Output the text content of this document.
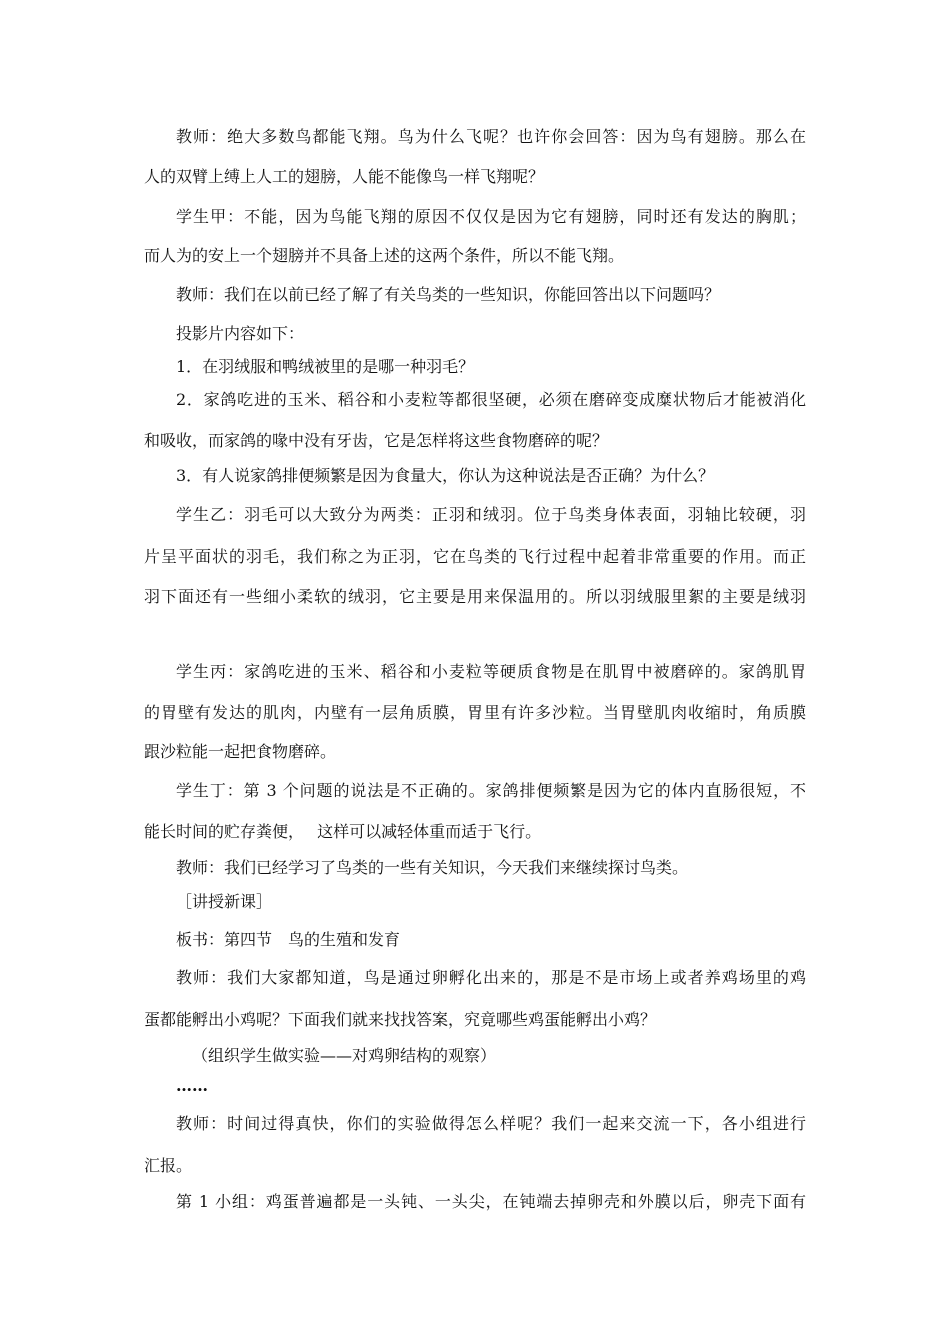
教师：绝大多数鸟都能飞翔。鸟为什么飞呢？也许你会回答：因为鸟有翅膀。那么在
人的双臂上缚上人工的翅膀，人能不能像鸟一样飞翔呢？
学生甲：不能，因为鸟能飞翔的原因不仅仅是因为它有翅膀，同时还有发达的胸肌；
而人为的安上一个翅膀并不具备上述的这两个条件，所以不能飞翔。
教师：我们在以前已经了解了有关鸟类的一些知识，你能回答出以下问题吗？
投影片内容如下：
1．在羽绒服和鸭绒被里的是哪一种羽毛？
2．家鸽吃进的玉米、稻谷和小麦粒等都很坚硬，必须在磨碎变成糜状物后才能被消化
和吸收，而家鸽的喙中没有牙齿，它是怎样将这些食物磨碎的呢？
3．有人说家鸽排便频繁是因为食量大，你认为这种说法是否正确？为什么？
学生乙：羽毛可以大致分为两类：正羽和绒羽。位于鸟类身体表面，羽轴比较硬，羽
片呈平面状的羽毛，我们称之为正羽，它在鸟类的飞行过程中起着非常重要的作用。而正
羽下面还有一些细小柔软的绒羽，它主要是用来保温用的。所以羽绒服里絮的主要是绒羽
学生丙：家鸽吃进的玉米、稻谷和小麦粒等硬质食物是在肌胃中被磨碎的。家鸽肌胃
的胃壁有发达的肌肉，内壁有一层角质膜，胃里有许多沙粒。当胃壁肌肉收缩时，角质膜
跟沙粒能一起把食物磨碎。
学生丁：第 3 个问题的说法是不正确的。家鸽排便频繁是因为它的体内直肠很短，不
能长时间的贮存粪便，　 这样可以减轻体重而适于飞行。
教师：我们已经学习了鸟类的一些有关知识，今天我们来继续探讨鸟类。
［讲授新课］
板书：第四节　鸟的生殖和发育
教师：我们大家都知道，鸟是通过卵孵化出来的，那是不是市场上或者养鸡场里的鸡
蛋都能孵出小鸡呢？下面我们就来找找答案，究竟哪些鸡蛋能孵出小鸡？
（组织学生做实验——对鸡卵结构的观察）
……
教师：时间过得真快，你们的实验做得怎么样呢？我们一起来交流一下，各小组进行
汇报。
第 1 小组：鸡蛋普遍都是一头钝、一头尖，在钝端去掉卵壳和外膜以后，卵壳下面有
